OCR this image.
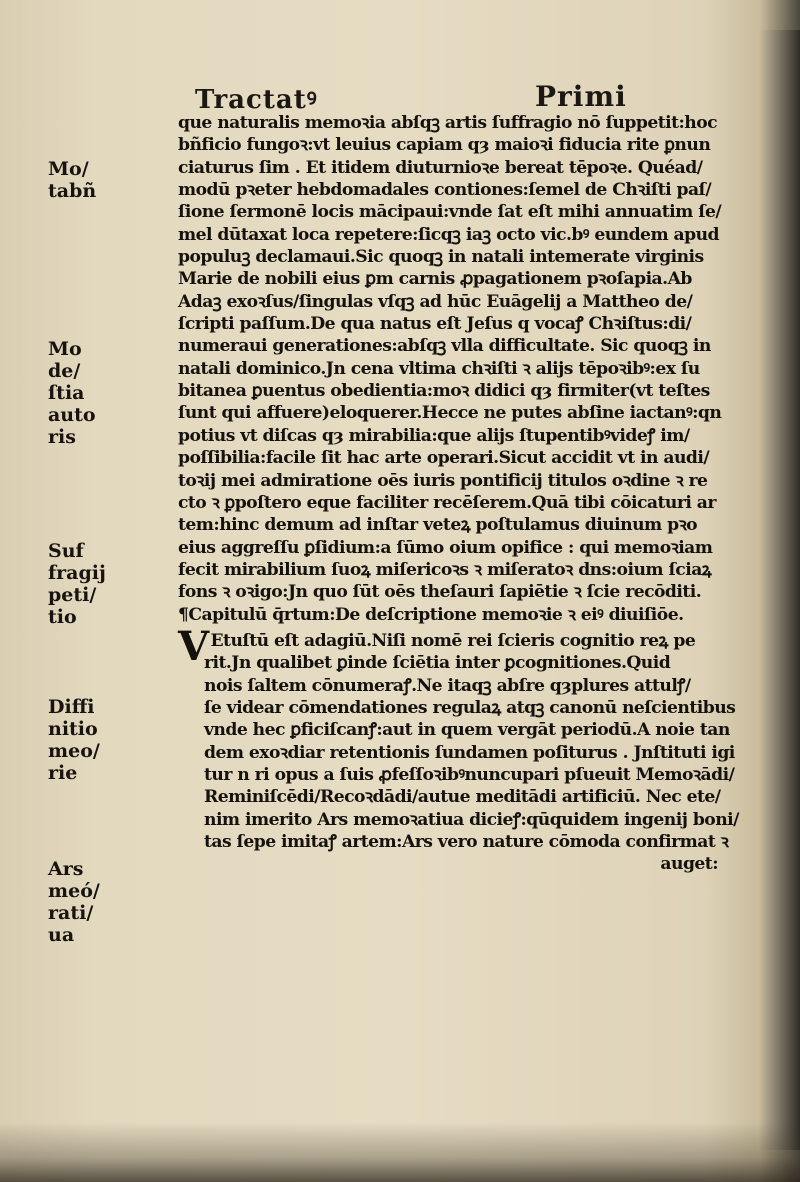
Tractatꝰ	Primi
que naturalis memoꝛia abſqꝫ artis ſuffragio nō ſuppetit:hoc
bñficio fungoꝛ:vt leuius capiam qȝ maioꝛi fiducia rite ꝑnun
ciaturus ſim . Et itidem diuturnioꝛe bereat tēpoꝛe. Quéad/
modū pꝛeter hebdomadales contiones:ſemel de Chꝛiſti paſ/
ſione ſermonē locis mācipaui:vnde ſat eſt mihi annuatim ſe/
mel dūtaxat loca repetere:ſicqꝫ iaꝫ octo vic.bꝰ eundem apud
populuꝫ declamaui.Sic quoqꝫ in natali intemerate virginis
Marie de nobili eius ꝑm carnis ꝓpagationem pꝛoſapia.Ab
Adaꝫ exoꝛſus/ſingulas vſqꝫ ad hūc Euāgelij a Mattheo de/
ſcripti paſſum.De qua natus eſt Jeſus q vocaꝭ Chꝛiſtus:di/
numeraui generationes:abſqꝫ vlla difficultate. Sic quoqꝫ in
natali dominico.Jn cena vltima chꝛiſti ꝛ alijs tēpoꝛibꝰ:ex ſu
bitanea ꝑuentus obedientia:moꝛ didici qȝ firmiter(vt teſtes
ſunt qui affuere)eloquerer.Hecce ne putes abſine iactanꝰ:qn
potius vt diſcas qȝ mirabilia:que alijs ſtupentibꝰvideꝭ im/
poſſibilia:facile ſit hac arte operari.Sicut accidit vt in audi/
toꝛij mei admiratione oēs iuris pontificij titulos oꝛdine ꝛ re
cto ꝛ ꝑpoſtero eque faciliter recēſerem.Quā tibi cōicaturi ar
tem:hinc demum ad inſtar veteꝝ poſtulamus diuinum pꝛo
eius aggreſſu ꝑſidium:a ſūmo oium opifice : qui memoꝛiam
fecit mirabilium ſuoꝝ miſericoꝛs ꝛ miſeratoꝛ dns:oium ſciaꝝ
fons ꝛ oꝛigo:Jn quo ſūt oēs theſauri ſapiētie ꝛ ſcie recōditi.
¶Capitulū q̄rtum:De deſcriptione memoꝛie ꝛ eiꝰ diuiſiōe.
V Etuſtū eſt adagiū.Niſi nomē rei ſcieris cognitio reꝝ pe
rit.Jn qualibet ꝑinde ſciētia inter ꝑcognitiones.Quid
nois ſaltem cōnumeraꝭ.Ne itaqꝫ abſre qȝplures attulꝭ/
ſe videar cōmendationes regulaꝝ atqꝫ canonū neſcientibus
vnde hec ꝑficiſcanꝭ:aut in quem vergāt periodū.A noie tan
dem exoꝛdiar retentionis ſundamen poſiturus . Jnſtituti igi
tur n ri opus a ſuis ꝓfeſſoꝛibꝰnuncupari pſueuit Memoꝛādi/
Reminiſcēdi/Recoꝛdādi/autue meditādi artificiū. Nec ete/
nim imerito Ars memoꝛatiua dicieꝭ:qūquidem ingenij boni/
tas ſepe imitaꝭ artem:Ars vero nature cōmoda confirmat ꝛ
auget:
Mo/
tabñ
Mo
de/
ſtia
auto
ris
Suf
fragij
peti/
tio
Diffi
nitio
meo/
rie
Ars
meó/
rati/
ua
